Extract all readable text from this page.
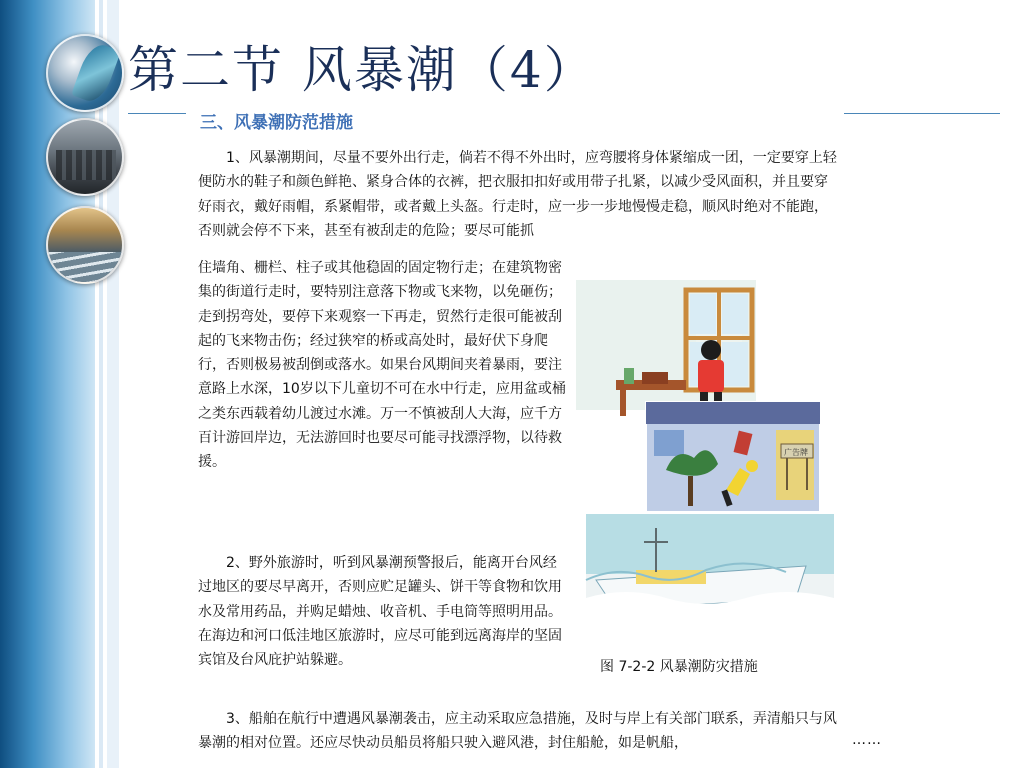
第二节 风暴潮（4）
三、风暴潮防范措施

1、风暴潮期间，尽量不要外出行走，倘若不得不外出时，应弯腰将身体紧缩成一团，一定要穿上轻便防水的鞋子和颜色鲜艳、紧身合体的衣裤，把衣服扣扣好或用带子扎紧，以减少受风面积，并且要穿好雨衣，戴好雨帽，系紧帽带，或者戴上头盔。行走时，应一步一步地慢慢走稳，顺风时绝对不能跑，否则就会停不下来，甚至有被刮走的危险；要尽可能抓

住墙角、栅栏、柱子或其他稳固的固定物行走；在建筑物密集的街道行走时，要特别注意落下物或飞来物，以免砸伤；走到拐弯处，要停下来观察一下再走，贸然行走很可能被刮起的飞来物击伤；经过狭窄的桥或高处时，最好伏下身爬行，否则极易被刮倒或落水。如果台风期间夹着暴雨，要注意路上水深，10岁以下儿童切不可在水中行走，应用盆或桶之类东西载着幼儿渡过水滩。万一不慎被刮人大海，应千方百计游回岸边，无法游回时也要尽可能寻找漂浮物，以待救援。

广告牌
图 7-2-2 风暴潮防灾措施

2、野外旅游时，听到风暴潮预警报后，能离开台风经过地区的要尽早离开，否则应贮足罐头、饼干等食物和饮用水及常用药品，并购足蜡烛、收音机、手电筒等照明用品。在海边和河口低洼地区旅游时，应尽可能到远离海岸的坚固宾馆及台风庇护站躲避。

3、船舶在航行中遭遇风暴潮袭击，应主动采取应急措施，及时与岸上有关部门联系，弄清船只与风暴潮的相对位置。还应尽快动员船员将船只驶入避风港，封住船舱，如是帆船，	……
